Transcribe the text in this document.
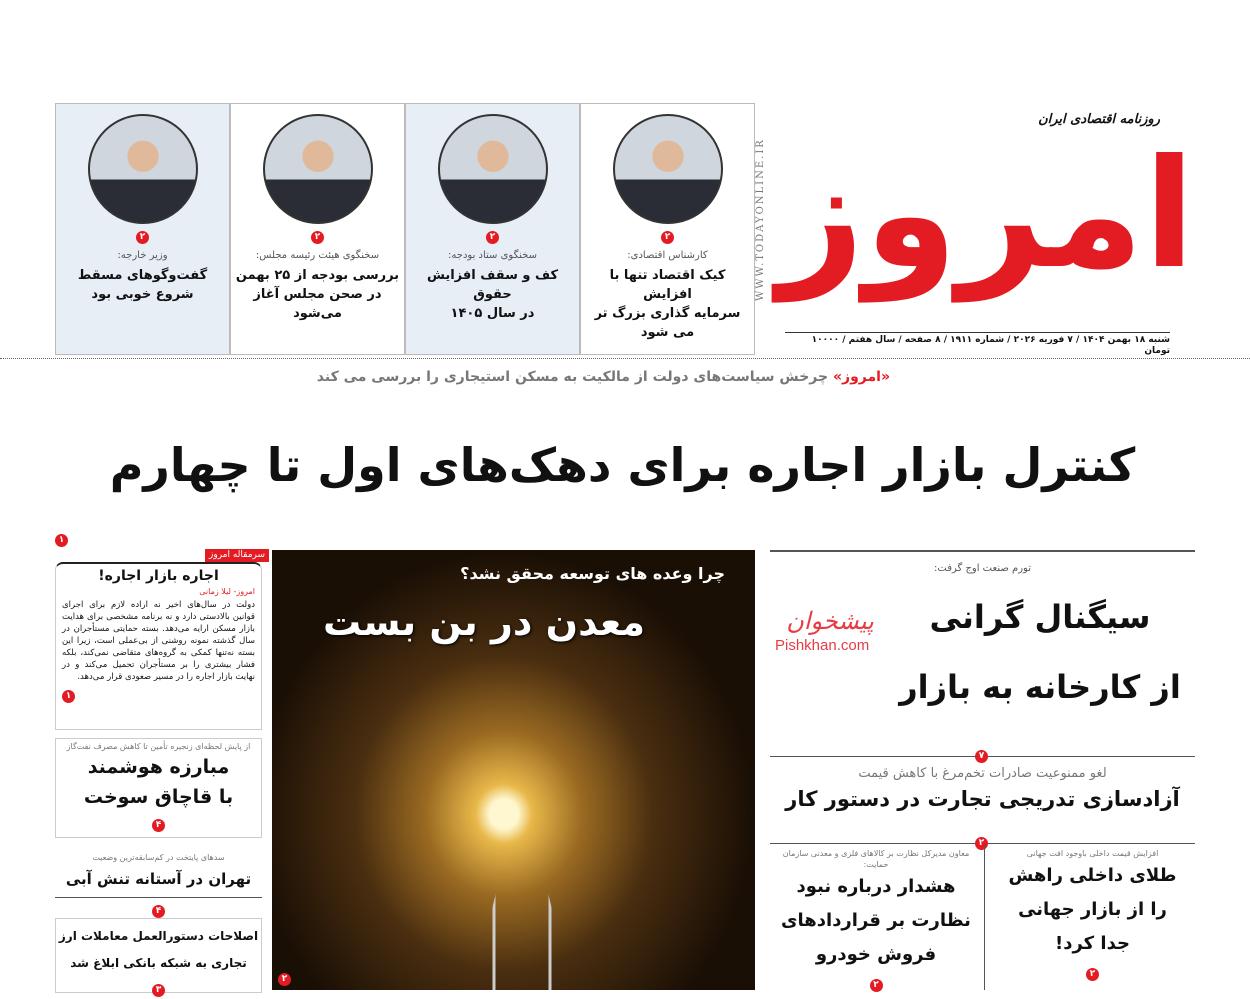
امروز
روزنامه اقتصادی ایران
WWW.TODAYONLINE.IR
شنبه ۱۸ بهمن ۱۴۰۴ / ۷ فوریه ۲۰۲۶ / شماره ۱۹۱۱ / ۸ صفحه / سال هفتم / ۱۰۰۰۰ تومان
۲
کارشناس اقتصادی:
کیک اقتصاد تنها با افزایش
سرمایه گذاری بزرگ تر می شود
۲
سخنگوی ستاد بودجه:
کف و سقف افزایش حقوق
در سال ۱۴۰۵
۲
سخنگوی هیئت رئیسه مجلس:
بررسی بودجه از ۲۵ بهمن
در صحن مجلس آغاز می‌شود
۲
وزیر خارجه:
گفت‌وگوهای مسقط
شروع خوبی بود
«امروز» چرخش سیاست‌های دولت از مالکیت به مسکن استیجاری را بررسی می کند
کنترل بازار اجاره برای دهک‌های اول تا چهارم
۱
سرمقاله امروز
اجاره بازار اجاره!
امروز- لیلا زمانی
دولت در سال‌های اخیر نه اراده لازم برای اجرای قوانین بالادستی دارد و نه برنامه مشخصی برای هدایت بازار مسکن ارایه می‌دهد. بسته حمایتی مستأجران در سال گذشته نمونه روشنی از بی‌عملی است، زیرا این بسته نه‌تنها کمکی به گروه‌های متقاضی نمی‌کند، بلکه فشار بیشتری را بر مستأجران تحمیل می‌کند و در نهایت بازار اجاره را در مسیر صعودی قرار می‌دهد.
۱
از پایش لحظه‌ای زنجیره تأمین تا کاهش مصرف نفت‌گاز
مبارزه هوشمند
با قاچاق سوخت
۴
سدهای پایتخت در کم‌سابقه‌ترین وضعیت
تهران در آستانه تنش آبی
۴
اصلاحات دستورالعمل معاملات ارز
تجاری به شبکه بانکی ابلاغ شد
۳
چرا وعده های توسعه محقق نشد؟
معدن در بن بست
۲
تورم صنعت اوج گرفت:
سیگنال گرانی
از کارخانه به بازار
پیشخوان
Pishkhan.com
۷
لغو ممنوعیت صادرات تخم‌مرغ با کاهش قیمت
آزادسازی تدریجی تجارت در دستور کار
۲
افزایش قیمت داخلی باوجود افت جهانی
طلای داخلی راهش
را از بازار جهانی
جدا کرد!
۲
معاون مدیرکل نظارت بر کالاهای فلزی و معدنی سازمان حمایت:
هشدار درباره نبود
نظارت بر قراردادهای
فروش خودرو
۲
